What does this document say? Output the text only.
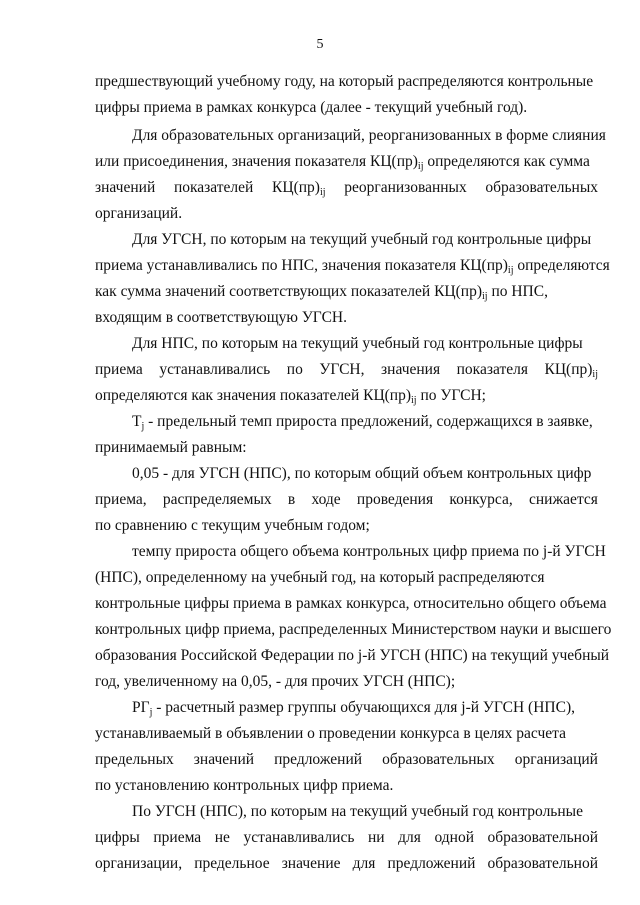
5
предшествующий учебному году, на который распределяются контрольные
цифры приема в рамках конкурса (далее - текущий учебный год).
Для образовательных организаций, реорганизованных в форме слияния
или присоединения, значения показателя $КЦ(пр)_{ij}$ определяются как сумма
значений показателей $КЦ(пр)_{ij}$ реорганизованных образовательных
организаций.
Для УГСН, по которым на текущий учебный год контрольные цифры
приема устанавливались по НПС, значения показателя $КЦ(пр)_{ij}$ определяются
как сумма значений соответствующих показателей $КЦ(пр)_{ij}$ по НПС,
входящим в соответствующую УГСН.
Для НПС, по которым на текущий учебный год контрольные цифры
приема устанавливались по УГСН, значения показателя $КЦ(пр)_{ij}$
определяются как значения показателей $КЦ(пр)_{ij}$ по УГСН;
$T_j$ - предельный темп прироста предложений, содержащихся в заявке,
принимаемый равным:
0,05 - для УГСН (НПС), по которым общий объем контрольных цифр
приема, распределяемых в ходе проведения конкурса, снижается
по сравнению с текущим учебным годом;
темпу прироста общего объема контрольных цифр приема по j-й УГСН
(НПС), определенному на учебный год, на который распределяются
контрольные цифры приема в рамках конкурса, относительно общего объема
контрольных цифр приема, распределенных Министерством науки и высшего
образования Российской Федерации по j-й УГСН (НПС) на текущий учебный
год, увеличенному на 0,05, - для прочих УГСН (НПС);
$РГ_j$ - расчетный размер группы обучающихся для j-й УГСН (НПС),
устанавливаемый в объявлении о проведении конкурса в целях расчета
предельных значений предложений образовательных организаций
по установлению контрольных цифр приема.
По УГСН (НПС), по которым на текущий учебный год контрольные
цифры приема не устанавливались ни для одной образовательной
организации, предельное значение для предложений образовательной
